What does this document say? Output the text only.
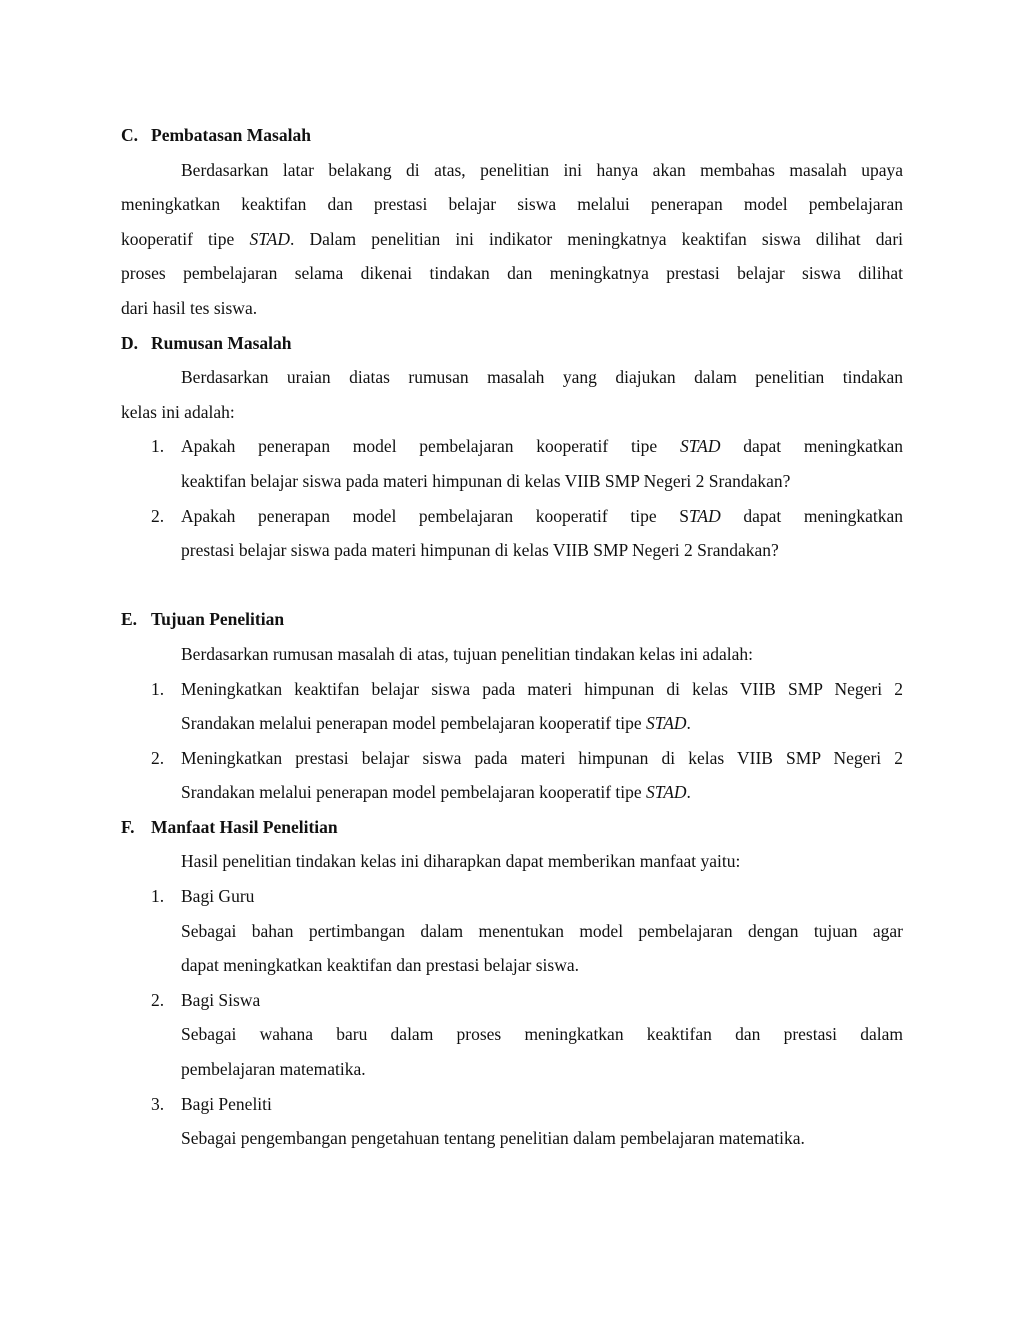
C. Pembatasan Masalah
Berdasarkan latar belakang di atas, penelitian ini hanya akan membahas masalah upaya
meningkatkan keaktifan dan prestasi belajar siswa melalui penerapan model pembelajaran
kooperatif tipe STAD. Dalam penelitian ini indikator meningkatnya keaktifan siswa dilihat dari
proses pembelajaran selama dikenai tindakan dan meningkatnya prestasi belajar siswa dilihat
dari hasil tes siswa.
D. Rumusan Masalah
Berdasarkan uraian diatas rumusan masalah yang diajukan dalam penelitian tindakan
kelas ini adalah:
1. Apakah penerapan model pembelajaran kooperatif tipe STAD dapat meningkatkan
keaktifan belajar siswa pada materi himpunan di kelas VIIB SMP Negeri 2 Srandakan?
2. Apakah penerapan model pembelajaran kooperatif tipe STAD dapat meningkatkan
prestasi belajar siswa pada materi himpunan di kelas VIIB SMP Negeri 2 Srandakan?
E. Tujuan Penelitian
Berdasarkan rumusan masalah di atas, tujuan penelitian tindakan kelas ini adalah:
1. Meningkatkan keaktifan belajar siswa pada materi himpunan di kelas VIIB SMP Negeri 2
Srandakan melalui penerapan model pembelajaran kooperatif tipe STAD.
2. Meningkatkan prestasi belajar siswa pada materi himpunan di kelas VIIB SMP Negeri 2
Srandakan melalui penerapan model pembelajaran kooperatif tipe STAD.
F. Manfaat Hasil Penelitian
Hasil penelitian tindakan kelas ini diharapkan dapat memberikan manfaat yaitu:
1. Bagi Guru
Sebagai bahan pertimbangan dalam menentukan model pembelajaran dengan tujuan agar
dapat meningkatkan keaktifan dan prestasi belajar siswa.
2. Bagi Siswa
Sebagai wahana baru dalam proses meningkatkan keaktifan dan prestasi dalam
pembelajaran matematika.
3. Bagi Peneliti
Sebagai pengembangan pengetahuan tentang penelitian dalam pembelajaran matematika.
